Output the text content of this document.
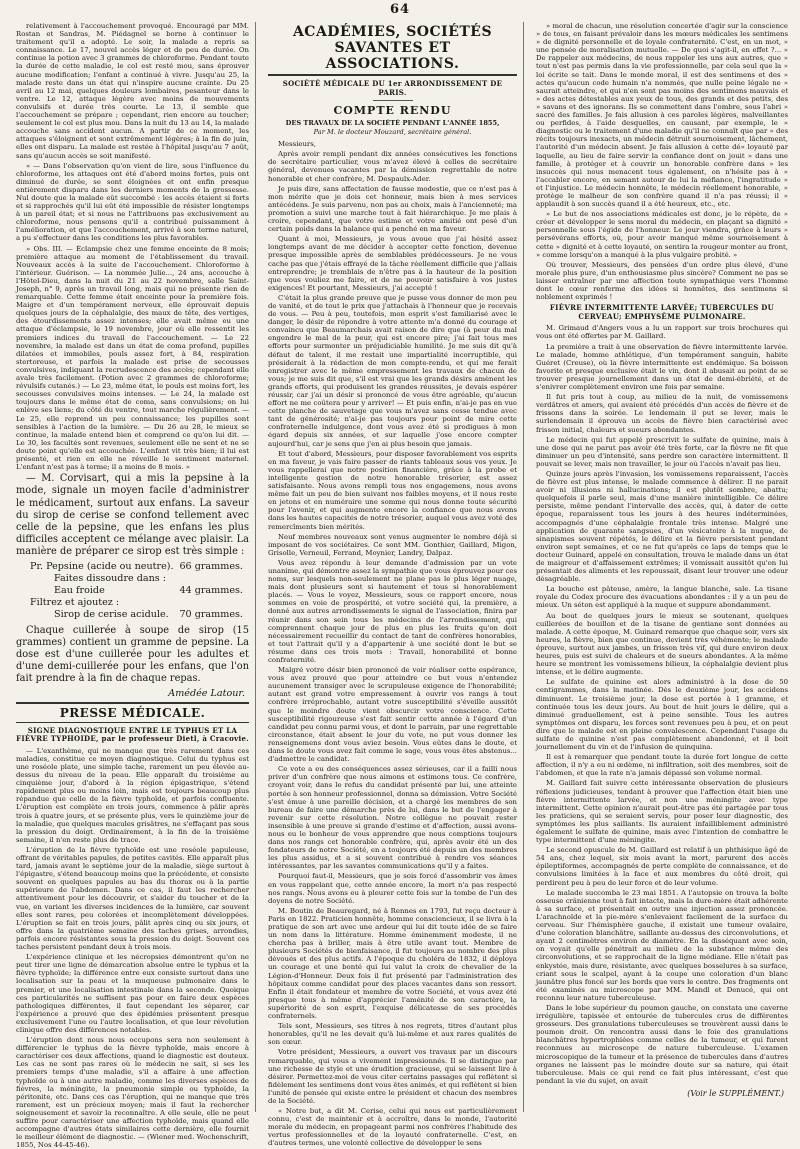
64

relativement à l'accouchement provoqué. Encouragé par MM. Rostan et Sandras, M. Piédagnel se borne à continuer le traitement qu'il a adopté. Le soir, la malade a repris sa connaissance. Le 17, nouvel accès léger et de peu de durée. On continue la potion avec 3 grammes de chloroforme. Pendant toute la durée de cette maladie, le col est resté mou, sans éprouver aucune modification; l'enfant a continué à vivre. Jusqu'au 25, la malade reste dans un état qui n'inspire aucune crainte. Du 25 avril au 12 mai, quelques douleurs lombaires, pesanteur dans le ventre. Le 12, attaque légère avec moins de mouvements convulsifs et durée très courte. Le 13, il semble que l'accouchement se prépare ; cependant, rien encore au toucher; seulement le col est plus mou. Dans la nuit du 13 au 14, la malade accouche sans accident aucun. A partir de ce moment, les attaques s'éloignent et sont extrêmement légères; à la fin de juin, elles ont disparu. La malade est restée à l'hôpital jusqu'au 7 août, sans qu'aucun accès se soit manifesté.

« — Dans l'observation qu'on vient de lire, sous l'influence du chloroforme, les attaques ont été d'abord moins fortes, puis ont diminué de durée, se sont éloignées et ont enfin presque entièrement disparu dans les derniers moments de la grossesse. Nul doute que la malade eût succombé : les accès étaient si forts et si rapprochés qu'il lui eût été impossible de résister longtemps à un pareil état; et si nous ne l'attribuons pas exclusivement au chloroforme, nous pensons qu'il a contribué puissamment à l'amélioration, et que l'accouchement, arrivé à son terme naturel, a pu s'effectuer dans les conditions les plus favorables.

» Obs. III. — Éclampsie chez une femme enceinte de 8 mois; première attaque au moment de l'établissement du travail. Nouveaux accès à la suite de l'accouchement. Chloroforme à l'intérieur. Guérison. — La nommée Julie..., 24 ans, accouche à l'Hôtel-Dieu, dans la nuit du 21 au 22 novembre, salle Saint-Joseph, n° 9, après un travail long, mais qui ne présente rien de remarquable. Cette femme était enceinte pour la première fois. Maigre et d'un tempérament nerveux, elle éprouvait depuis quelques jours de la céphalalgie, des maux de tête, des vertiges, des étourdissements assez intenses; elle avait même eu une attaque d'éclampsie, le 19 novembre, jour où elle ressentit les premiers indices du travail de l'accouchement. — Le 22 novembre, la malade est dans un état de coma profond, pupilles dilatées et immobiles, pouls assez fort, à 84, respiration stertoreuse, et parfois la malade est prise de secousses convulsives, indiquant la recrudescence des accès; cependant elle avale très facilement. (Potion avec 2 grammes de chloroforme; révulsifs cutanés.) — Le 23, même état, le pouls est moins fort, les secousses convulsives moins intenses. — Le 24, la malade est toujours dans le même état de coma, sans convulsions; on lui enlève ses liens; du côté du ventre, tout marche régulièrement. — Le 25, elle reprend un peu connaissance; les pupilles sont sensibles à l'action de la lumière. — Du 26 au 28, le mieux se continue, la malade entend bien et comprend ce qu'on lui dit. — Le 30, les facultés sont revenues, seulement elle ne sent et ne se doute point qu'elle est accouchée. L'enfant vit très bien; il lui est présenté, et rien en elle ne réveille le sentiment maternel. L'enfant n'est pas à terme; il a moins de 8 mois. »

— M. Corvisart, qui a mis la pepsine à la mode, signale un moyen facile d'administrer le médicament, surtout aux enfans. La saveur du sirop de cerise se confond tellement avec celle de la pepsine, que les enfans les plus difficiles acceptent ce mélange avec plaisir. La manière de préparer ce sirop est très simple :

Pr. Pepsine (acide ou neutre). 66 grammes.
Faites dissoudre dans :
Eau froide	44 grammes.
Filtrez et ajoutez :
Sirop de cerise acidule. 70 grammes.

Chaque cuillerée à soupe de sirop (15 grammes) contient un gramme de pepsine. La dose est d'une cuillerée pour les adultes et d'une demi-cuillerée pour les enfans, que l'on fait prendre à la fin de chaque repas.

Amédée Latour.
PRESSE MÉDICALE.
SIGNE DIAGNOSTIQUE ENTRE LE TYPHUS ET LA FIÈVRE TYPHOIDE, par le professeur Dietl, à Cracovie.

— L'exanthème, qui ne manque que très rarement dans ces maladies, constitue ce moyen diagnostique. Celui du typhus est une roséole plate, une simple tache, rarement un peu élevée au-dessus du niveau de la peau. Elle apparaît du troisième au cinquième jour, d'abord à la région épigastrique, s'étend rapidement plus ou moins loin, mais est toujours beaucoup plus répandue que celle de la fièvre typhoïde, et parfois confluente. L'éruption est complète en trois jours, commence à pâlir après trois à quatre jours, et se présente plus, vers le quinzième jour de la maladie, que quelques macules grisâtres, ne s'effaçant pas sous la pression du doigt. Ordinairement, à la fin de la troisième semaine, il n'en reste plus de trace.

L'éruption de la fièvre typhoïde est une roséole papuleuse, offrant de véritables papules, de petites cavités. Elle apparaît plus tard, jamais avant le septième jour de la maladie, siège surtout à l'épigastre, s'étend beaucoup moins que la précédente, et consiste souvent en quelques papules au bas du thorax ou à la partie supérieure de l'abdomen. Dans ce cas, il faut les rechercher attentivement pour les découvrir, et s'aider du toucher et de la vue, en variant les diverses incidences de la lumière, car souvent elles sont rares, peu colorées et incomplètement développées. L'éruption se fait en trois jours, pâlit après cinq ou six jours, et offre dans la quatrième semaine des taches grises, arrondies, parfois encore résistantes sous la pression du doigt. Souvent ces taches persistent pendant deux à trois mois.

L'expérience clinique et les nécropsies démontrent qu'on ne peut tirer une ligne de démarcation absolue entre le typhus et la fièvre typhoïde; la différence entre eux consiste surtout dans une localisation sur la peau et la muqueuse pulmonaire dans le premier, et une localisation intestinale dans la seconde. Quoique ces particularités ne suffisent pas pour en faire deux espèces pathologiques différentes, il faut cependant les séparer, car l'expérience a prouvé que des épidémies présentent presque exclusivement l'une ou l'autre localisation, et que leur révolution clinique offre des différences notables.

L'éruption dont nous nous occupons sera non seulement à différencier le typhus de la fièvre typhoïde, mais encore à caractériser ces deux affections, quand le diagnostic est douteux. Les cas ne sont pas rares où le médecin ne sait, si ses les premiers temps d'une maladie, s'il a affaire à une affection typhoïde ou à une autre maladie, comme les diverses espèces de fièvres, la méningite, la pneumonie simple ou typhoïde, la péritonite, etc. Dans ces cas l'éruption, qui ne manque que très rarement, est un précieux moyen; mais il faut la rechercher soigneusement et savoir la reconnaître. A elle seule, elle ne peut suffire pour caractériser une affection typhoïde, mais quand elle accompagne d'autres états similaires cette dernière, elle fournit le meilleur élément de diagnostic. — (Wiener med. Wochenschrift, 1855, Nos 44-45-46).

ACADÉMIES, SOCIÉTÉS SAVANTES ET ASSOCIATIONS.
SOCIÉTÉ MÉDICALE DU 1er ARRONDISSEMENT DE PARIS.
COMPTE RENDU
DES TRAVAUX DE LA SOCIÉTÉ PENDANT L'ANNÉE 1855,
Par M. le docteur Mouzard, secrétaire général.

Messieurs,

Après avoir rempli pendant dix années consécutives les fonctions de secrétaire particulier, vous m'avez élevé à celles de secrétaire général, devenues vacantes par la démission regrettable de notre honorable et cher confrère, M. Despaulx-Ader.

Je puis dire, sans affectation de fausse modestie, que ce n'est pas à mon mérite que je dois cet honneur, mais bien à mes services antécédens. Je suis parvenu, non pas au choix, mais à l'ancienneté; ma promotion a suivi une marche tout à fait hiérarchique. Je me plais à croire, cependant, que votre estime et votre amitié ont pesé d'un certain poids dans la balance qui a penché en ma faveur.

Quant à moi, Messieurs, je vous avoue que j'ai hésité assez longtemps avant de me décider à accepter cette fonction, devenue presque impossible après de semblables prédécesseurs. Je ne vous cache pas que j'étais effrayé de la tâche réellement difficile que j'allais entreprendre; je tremblais de n'être pas à la hauteur de la position que vous vouliez me faire, et de ne pouvoir satisfaire à vos justes exigences! Et pourtant, Messieurs, j'ai accepté !

C'était la plus grande preuve que je pusse vous donner de mon peu de vanité, et de tout le prix que j'attachais à l'honneur que je recevais de vous. — Peu à peu, toutefois, mon esprit s'est familiarisé avec le danger, le désir de répondre à votre attente m'a donné du courage et convaincu que Beaumarchais avait raison de dire que (à peur du mal engendre le mal de la peur, qui est encore pire; j'ai fait tous mes efforts pour surmonter un préjudiciable humilité. Je me suis dit qu'à défaut de talent, il me restait une impartialité incorruptible, qui présiderait à la rédaction de mon compte-rendu, et qui me ferait enregistrer avec le même empressement les travaux de chacun de vous; je me suis dit que, s'il est vrai que les grands désirs amènent les grands efforts, qui produisent les grandes réussites, je devais espérer réussir, car j'ai un désir si prononcé de vous être agréable, qu'aucun effort ne me coûtera pour y arriver! — Et puis enfin, n'ai-je pas en vue cette planche de sauvetage que vous m'avez sans cesse tendue avec tant de générosité; n'ai-je pas toujours pour point de mire cette confraternelle indulgence, dont vous avez été si prodigues à mon égard depuis six années, et sur laquelle j'ose encore compter aujourd'hui, car je sens que j'en ai plus besoin que jamais.

Et tout d'abord, Messieurs, pour disposer favorablement vos esprits en ma faveur, je vais faire passer de riants tableaux sous vos yeux. Je vous rappellerai que notre position financière, grâce à la probe et intelligente gestion de notre honorable trésorier, est assez satisfaisante. Nous avons rempli tous nos engagemens, nous avons même fait un peu de bien suivant nos faibles moyens, et il nous reste en jetons et en numéraire une somme qui nous donne toute sécurité pour l'avenir, et qui augmente encore la confiance que nous avons dans les hautes capacités de notre trésorier, auquel vous avez voté des remercîments bien mérités.

Neuf membres nouveaux sont venus augmenter le nombre déjà si imposant de vos sociétaires. Ce sont MM. Gonthier, Gaillard, Migon, Grisolle, Verneuil, Ferrand, Moynier, Landry, Dalpaz.

Vous avez répondu à leur demande d'admission par un vote unanime, qui démontre assez la sympathie que vous éprouvez pour ces noms, sur lesquels non-seulement ne plane pas le plus léger nuage, mais dont plusieurs sont si hautement et tous si honorablement placés. — Vous le voyez, Messieurs, sous ce rapport encore, nous sommes en voie de prospérité, et votre société qui, la première, a donné aux autres arrondissements le signal de l'association, finira par réunir dans son sein tous les médecins de l'arrondissement, qui comprennent chaque jour de plus en plus les fruits qu'on doit nécessairement recueillir du contact de tant de confrères honorables, et tout l'attrait qu'il y a d'appartenir à une société dont le but se résume dans ces trois mots : Travail, honorabilité et bonne confraternité.

Malgré votre désir bien prononcé de voir réaliser cette espérance, vous avez prouvé que pour atteindre ce but vous n'entendez aucunement transiger avec le scrupuleuse exigence de l'honorabilité; autant est grand votre empressement à ouvrir vos rangs à tout confrère irréprochable, autant votre susceptibilité s'éveille aussitôt que le moindre doute vient obscurcir votre conscience. Cette susceptibilité rigoureuse s'est fait sentir cette année à l'égard d'un candidat peu connu parmi vous, et dont le parrain, par une regrettable circonstance, était absent le jour du vote, ne put vous donner les renseignemens dont vous aviez besoin. Vous eûtes dans le doute, et dans le doute vous avez fait comme le sage, vous vous êtes abstenus... d'admettre le candidat.

Ce vote a eu des conséquences assez sérieuses, car il a failli nous priver d'un confrère que nous aimons et estimons tous. Ce confrère, croyant voir, dans le refus du candidat présenté par lui, une atteinte portée à son honneur professionnel, donna sa démission. Votre Société s'est émue à une pareille décision, et a chargé les membres de son bureau de faire une démarche près de lui, dans le but de l'engager à revenir sur cette résolution. Notre collègue ne pouvait rester insensible à une preuve si grande d'estime et d'affection, aussi avons-nous eu le bonheur de vous apprendre que nous comptions toujours dans nos rangs cet honorable confrère, qui, après avoir été un des fondateurs de notre Société, en a toujours été depuis un des membres les plus assidus, et a si souvent contribué à rendre vos séances intéressantes, par les savantes communications qu'il y a faites.

Pourquoi faut-il, Messieurs, que je sois forcé d'assombrir vos âmes en vous rappelant que, cette année encore, la mort n'a pas respecté nos rangs. Nous avons eu à pleurer cette fois sur la tombe de l'un des doyens de notre Société.

M. Boutin de Beauregard, né à Rennes en 1793, fut reçu docteur à Paris en 1822. Praticien honnête, homme consciencieux, il se livra à la pratique de son art avec une ardeur qui lui dit toute idée de se faire un nom dans la littérature. Homme éminemment modeste, il ne chercha pas à briller, mais à être utile avant tout. Membre de plusieurs Sociétés de bienfaisance, il fut toujours au nombre des plus dévoués et des plus actifs. A l'époque du choléra de 1832, il déploya un courage et une bonté qui lui valut la croix de chevalier de la Légion-d'Honneur. Deux fois il fut présenté par l'administration des hôpitaux comme candidat pour des places vacantes dans son ressort. Enfin il était fondateur et membre de votre Société, et vous avez été presque tous à même d'apprécier l'aménité de son caractère, la supériorité de son esprit, l'exquise délicatesse de ses procédés confraternels.

Tels sont, Messieurs, ses titres à nos regrets, titres d'autant plus honorables, qu'il ne les devait qu'à lui-même et aux rares qualités de son cœur.

Votre président, Messieurs, a ouvert vos travaux par un discours remarquable, qui vous a vivement impressionnés. Il se distingue par une richesse de style et une érudition gracieuse, qui se laissent lire à désirer. Permettez-moi de vous citer certains passages qui reflètent si fidèlement les sentimens dont vous êtes animés, et qui reflètent si bien l'unité de pensée qui existe entre le président et chacun des membres de la Société.

« Notre but, a dit M. Cerise, celui qui nous est particulièrement connu, c'est de maintenir et à accroître, dans le monde, l'autorité morale du médecin, en propageant parmi nos confrères l'habitude des vertus professionnelles et de la loyauté confraternelle. C'est, en d'autres termes, une volonté collective de développer le sens

» moral de chacun, une résolution concertée d'agir sur la conscience » de tous, en faisant prévaloir dans les mœurs médicales les sentimens » de dignité personnelle et de loyale confraternité. C'est, en un mot, » une pensée de moralisation mutuelle. — De quoi s'agit-il, en effet ?... » De rappeler aux médecins, de nous rappeler les uns aux autres, que » tout n'est pas permis dans la vie professionnelle, par cela seul que la » loi écrite se tait. Dans le monde moral, il est des sentimens et des » actes qu'aucun code humain n'a nommés, que nulle peine légale ne » saurait atteindre, et qui n'en sont pas moins des sentimens mauvais et » des actes détestables aux yeux de tous, des grands et des petits, des » savans et des ignorans. Ils se commettent dans l'ombre, sous l'abri » sacré des familles. Je fais allusion à ces paroles légères, malveillantes ou perfides, à l'aide desquelles, en causant, par exemple, le » diagnostic ou le traitement d'une maladie qu'il ne connaît que par » des récits toujours inexacts, un médecin détruit sournoisement, lâchement, l'autorité d'un médecin absent. Je fais allusion à cette dé» loyauté par laquelle, au lieu de faire servir la confiance dont on jouit » dans une famille, à protéger et à couvrir un honorable confrère dans » les insuccès qui nous menacent tous également, on n'hésite pas à » l'accabler encore, en semant autour de lui la méfiance, l'ingratitude » et l'injustice. Le médecin honnête, le médecin réellement honorable, » protège le malheur de son confrère quand il n'a pas réussi; il » applaudit à son succès quand il a été heureux, etc., etc.

» Le but de nos associations médicales est donc, je le répète, de » créer et développer le sens moral du médecin, en plaçant sa dignité » personnelle sous l'égide de l'honneur. Le jour viendra, grâce à leurs » persévérans efforts, où, pour avoir manqué même sournoisement à cette » dignité et à cette loyauté, on sentira la rougeur monter au front, » comme lorsqu'on a manqué à la plus vulgaire probité. »

Où trouver, Messieurs, des pensées d'un ordre plus élevé, d'une morale plus pure, d'un enthousiasme plus sincère? Comment ne pas se laisser entraîner par une affection toute sympathique vers l'homme dont le cœur renferme des idées si honnêtes, des sentimens si noblement exprimés !

FIÈVRE INTERMITTENTE LARVÉE; TUBERCULES DU CERVEAU; EMPHYSÈME PULMONAIRE.

M. Grimaud d'Angers vous a lu un rapport sur trois brochures qui vous ont été offertes par M. Gaillard.

La première a trait à une observation de fièvre intermittente larvée. Le malade, homme athlétique, d'un tempérament sanguin, habite Guéret (Creuse), où la fièvre intermittente est endémique. Sa boisson favorite et presque exclusive était le vin, dont il abusait au point de se trouver presque journellement dans un état de demi-ébriété, et de s'enivrer complètement environ une fois par semaine.

Il fut pris tout à coup, au milieu de la nuit, de vomissemens verdâtres et amers, qui avaient été précédés d'un accès de fièvre et de frissons dans la soirée. Le lendemain il put se lever, mais le surlendemain il éprouva un accès de fièvre bien caractérisé avec frisson initial, chaleurs et sueurs abondantes.

Le médecin qui fut appelé prescrivit le sulfate de quinine, mais à une dose qui ne parut pas avoir été très forte, car la fièvre ne fit que diminuer un peu d'intensité, sans perdre son caractère intermittent. Il pouvait se lever, mais non travailler, le jour où l'accès n'avait pas lieu.

Quinze jours après l'invasion, les vomissemens reparaissent, l'accès de fièvre est plus intense, le malade commence à délirer. Il ne parait avoir ni illusions ni hallucinations; il est plutôt sombre, abattu; quelquefois il parle seul, mais d'une manière inintelligible. Ce délire persiste, même pendant l'intervalle des accès, qui, à dater de cette époque, reparaissent tous les jours à des heures indéterminées, accompagnés d'une céphalalgie frontale très intense. Malgré une application de quarante sangsues, d'un vésicatoire à la nuque, de sinapismes souvent répétés, le délire et la fièvre persistent pendant environ sept semaines, et ce ne fut qu'après ce laps de temps que le docteur Guinard, appelé en consultation, trouva le malade dans un état de maigreur et d'affaissement extrêmes; il vomissait aussitôt qu'on lui présentait des aliments et les repoussait, disant leur trouver une odeur désagréable.

La bouche est pâteuse, amère, la langue blanche, sale. La tisane royale du Codex procure des évacuations abondantes : il y a un peu de mieux. Un séton est appliqué à la nuque et suppure abondamment.

Au bout de quelques jours le mieux se soutenant, quelques cuillerées de bouillon et de la tisane de gentiane sont données au malade. A cette époque, M. Guinard remarque que chaque soir, vers six heures, la fièvre, bien que continue, devient très véhémente; le malade éprouve, surtout aux jambes, un frisson très vif, qui dure environ deux heures, puis est suivi de chaleurs et de sueurs abondantes. A la même heure se montrent les vomissemens bilieux, la céphalalgie devient plus intense, et le délire augmente.

Le sulfate de quinine est alors administré à la dose de 50 centigrammes, dans la matinée. Dès le deuxième jour, les accidens diminuent. Le troisième jour, la dose est portée à 1 gramme, et continuée tous les deux jours. Au bout de huit jours le délire, qui a diminué graduellement, est à peine sensible. Tous les autres symptômes ont disparu, les forces sont revenues peu à peu, et on peut dire que le malade est en pleine convalescence. Cependant l'usage du sulfate de quinine n'est pas complètement abandonné, et il boit journellement du vin et de l'infusion de quinquina.

Il est à remarquer que pendant toute la durée fort longue de cette affection, il n'y a eu ni œdème, ni infiltration, soit des membres, soit de l'abdomen, et que la rate n'a jamais dépassé son volume normal.

M. Gaillard fait suivre cette intéressante observation de plusieurs réflexions judicieuses, tendant à prouver que l'affection était bien une fièvre intermittente larvée, et non une méningite avec type intermittent. Cette opinion n'aurait peut-être pas été partagée par tous les praticiens, qui se seraient servis, pour poser leur diagnostic, des symptômes les plus saillants. Ils auraient infailliblement administré également le sulfate de quinine, mais avec l'intention de combattre le type intermittent d'une méningite.

Le second opuscule de M. Gaillard est relatif à un phthisique âgé de 54 ans, chez lequel, six mois avant la mort, parurent des accès épileptiformes, accompagnés de perte complète de connaissance, et de convulsions limitées à la face et aux membres du côté droit, qui perdirent peu à peu de leur force et de leur volume.

Le malade succomba le 23 mai 1851. A l'autopsie on trouva la boîte osseuse crânienne tout à fait intacte, mais la dure-mère était adhérente à sa surface, et présentait en outre une injection assez prononcée. L'arachnoïde et la pie-mère s'enlevaient facilement de la surface du cerveau. Sur l'hémisphère gauche, il existait une tumeur ovalaire, d'une coloration blanchâtre, saillante au-dessus des circonvolutions, et ayant 2 centimètres environ de diamètre. En la disséquant avec soin, on voyait qu'elle pénétrait au milieu de la substance même des circonvolutions, et se rapprochait de la ligne médiane. Elle n'était pas enkystée, mais dure, résistante, avec quelques bosselures à sa surface, criant sous le scalpel, ayant à la coupe une coloration d'un blanc jaunâtre plus foncé sur les bords que vers le centre. Des fragments ont été examinés au microscope par MM. Mandl et Denucé, qui ont reconnu leur nature tuberculeuse.

Dans le lobe supérieur du poumon gauche, on constata une caverne irrégulière, tapissée et entourée de tubercules crus de différentes grosseurs. Des granulations tuberculeuses se trouvèrent aussi dans le poumon droit. On rencontra aussi dans le foie des granulations blanchâtres hypertrophiées comme celles de la tumeur, et qui furent reconnues au microscope de nature tuberculeuse. L'examen microscopique de la tumeur et la présence de tubercules dans d'autres organes ne laissent pas le moindre doute sur sa nature, qui était tuberculeuse. Mais ce qui rend ce fait plus intéressant, c'est que pendant la vie du sujet, on avait

(Voir le SUPPLÉMENT.)
